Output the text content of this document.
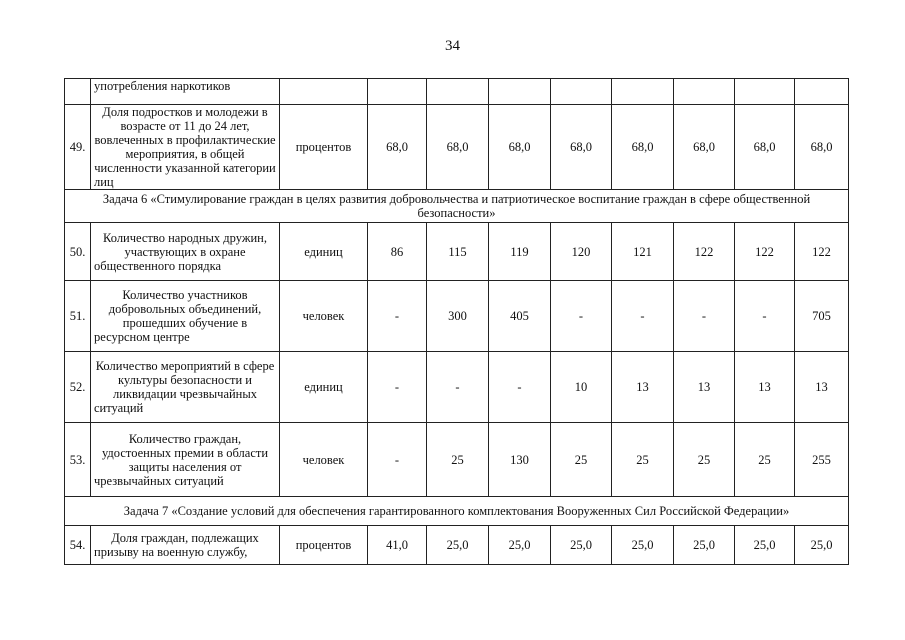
34
	употребления наркотиков									
49.	Доля подростков и молодежи в возрасте от 11 до 24 лет, вовлеченных в профилактические мероприятия, в общей численности указанной категории лиц	процентов	68,0	68,0	68,0	68,0	68,0	68,0	68,0	68,0
Задача 6 «Стимулирование граждан в целях развития добровольчества и патриотическое воспитание граждан в сфере общественной безопасности»										
50.	Количество народных дружин, участвующих в охране общественного порядка	единиц	86	115	119	120	121	122	122	122
51.	Количество участников добровольных объединений, прошедших обучение в ресурсном центре	человек	-	300	405	-	-	-	-	705
52.	Количество мероприятий в сфере культуры безопасности и ликвидации чрезвычайных ситуаций	единиц	-	-	-	10	13	13	13	13
53.	Количество граждан, удостоенных премии в области защиты населения от чрезвычайных ситуаций	человек	-	25	130	25	25	25	25	255
Задача 7 «Создание условий для обеспечения гарантированного комплектования Вооруженных Сил Российской Федерации»										
54.	Доля граждан, подлежащих призыву на военную службу,	процентов	41,0	25,0	25,0	25,0	25,0	25,0	25,0	25,0
